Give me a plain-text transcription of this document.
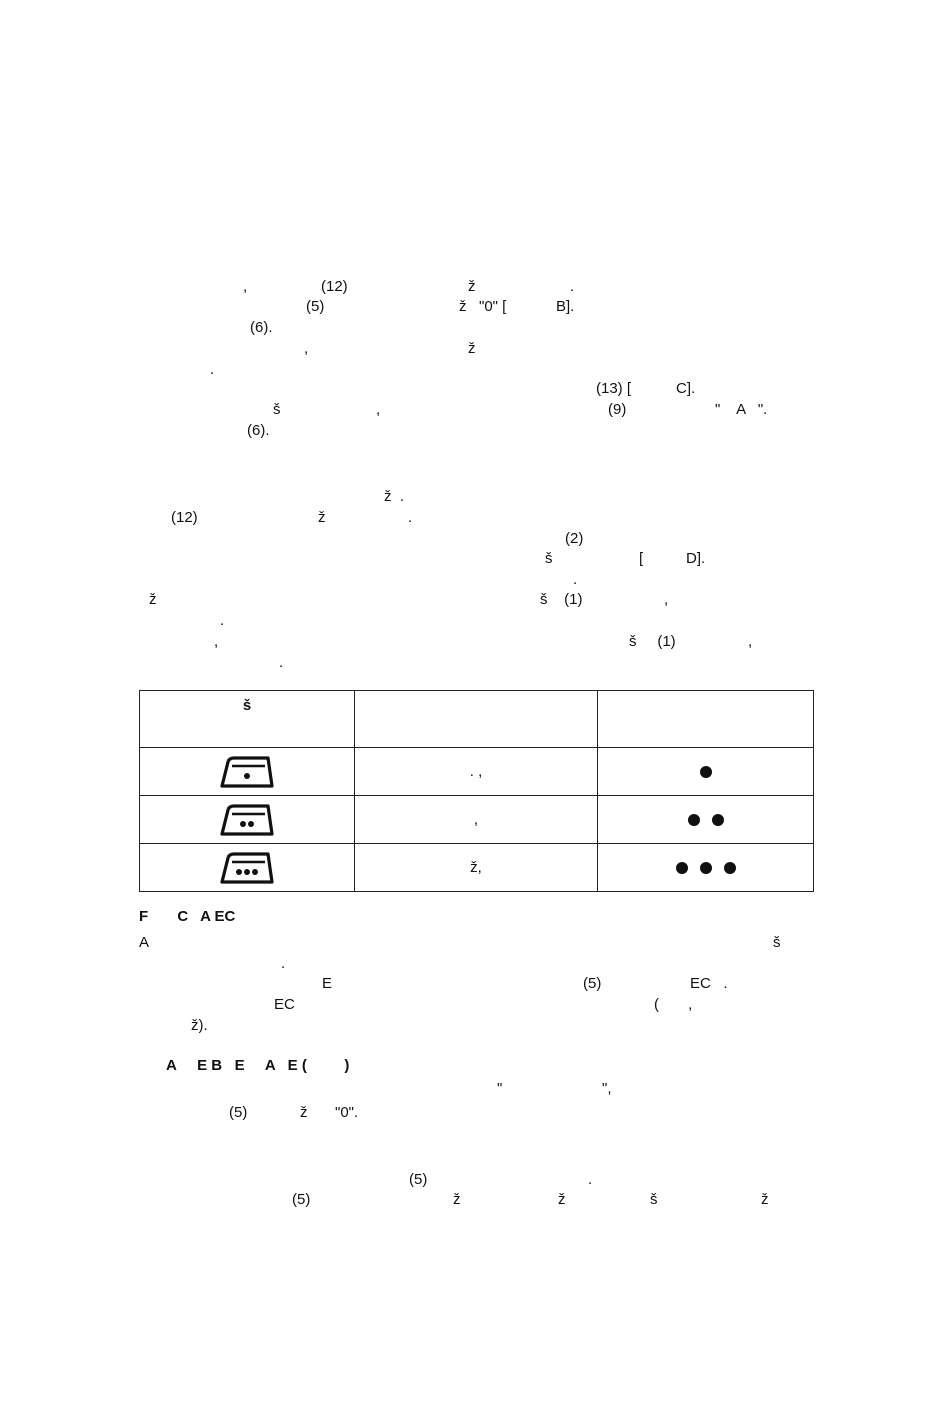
,	(12)	ž	.
(5)	ž   "0" [	B].
(6).
,	ž
.
(13) [	C].
š	,	(9)	"    A   ".
(6).
ž  .
(12)	ž	.
(2)
š	[	D].
.
ž	š    (1)	,
.
,	š     (1)	,
.
š		

	. ,	

	,	

	ž,	
F       C   A EC
A	š
.
E	(5)	EC   .
EC	(       ,
ž).
A     E B   E     A   E (         )
"	",
(5)	ž "0".
(5)	.
(5)	ž	ž	š	ž
